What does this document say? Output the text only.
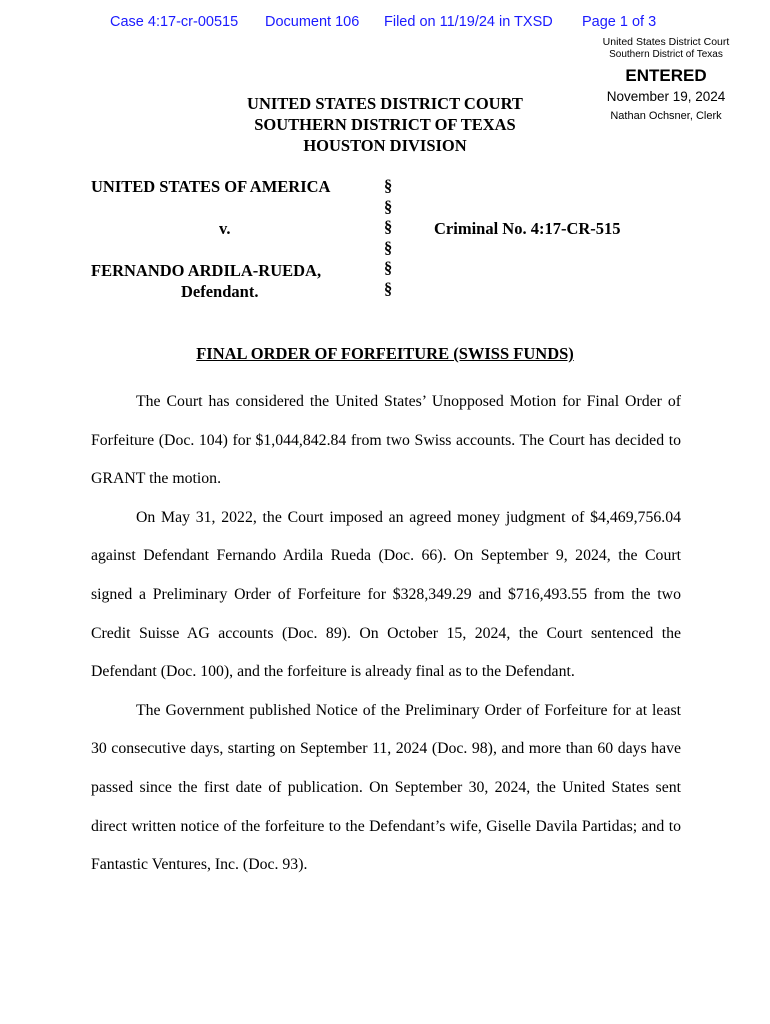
Case 4:17-cr-00515 Document 106 Filed on 11/19/24 in TXSD Page 1 of 3
United States District Court
Southern District of Texas
ENTERED
November 19, 2024
Nathan Ochsner, Clerk
UNITED STATES DISTRICT COURT
SOUTHERN DISTRICT OF TEXAS
HOUSTON DIVISION
UNITED STATES OF AMERICA
v.
FERNANDO ARDILA-RUEDA,
Defendant.
Criminal No. 4:17-CR-515
§
§
§
§
§
§
FINAL ORDER OF FORFEITURE (SWISS FUNDS)

The Court has considered the United States’ Unopposed Motion for Final Order of Forfeiture (Doc. 104) for $1,044,842.84 from two Swiss accounts. The Court has decided to GRANT the motion.

On May 31, 2022, the Court imposed an agreed money judgment of $4,469,756.04 against Defendant Fernando Ardila Rueda (Doc. 66). On September 9, 2024, the Court signed a Preliminary Order of Forfeiture for $328,349.29 and $716,493.55 from the two Credit Suisse AG accounts (Doc. 89). On October 15, 2024, the Court sentenced the Defendant (Doc. 100), and the forfeiture is already final as to the Defendant.

The Government published Notice of the Preliminary Order of Forfeiture for at least 30 consecutive days, starting on September 11, 2024 (Doc. 98), and more than 60 days have passed since the first date of publication. On September 30, 2024, the United States sent direct written notice of the forfeiture to the Defendant’s wife, Giselle Davila Partidas; and to Fantastic Ventures, Inc. (Doc. 93).
